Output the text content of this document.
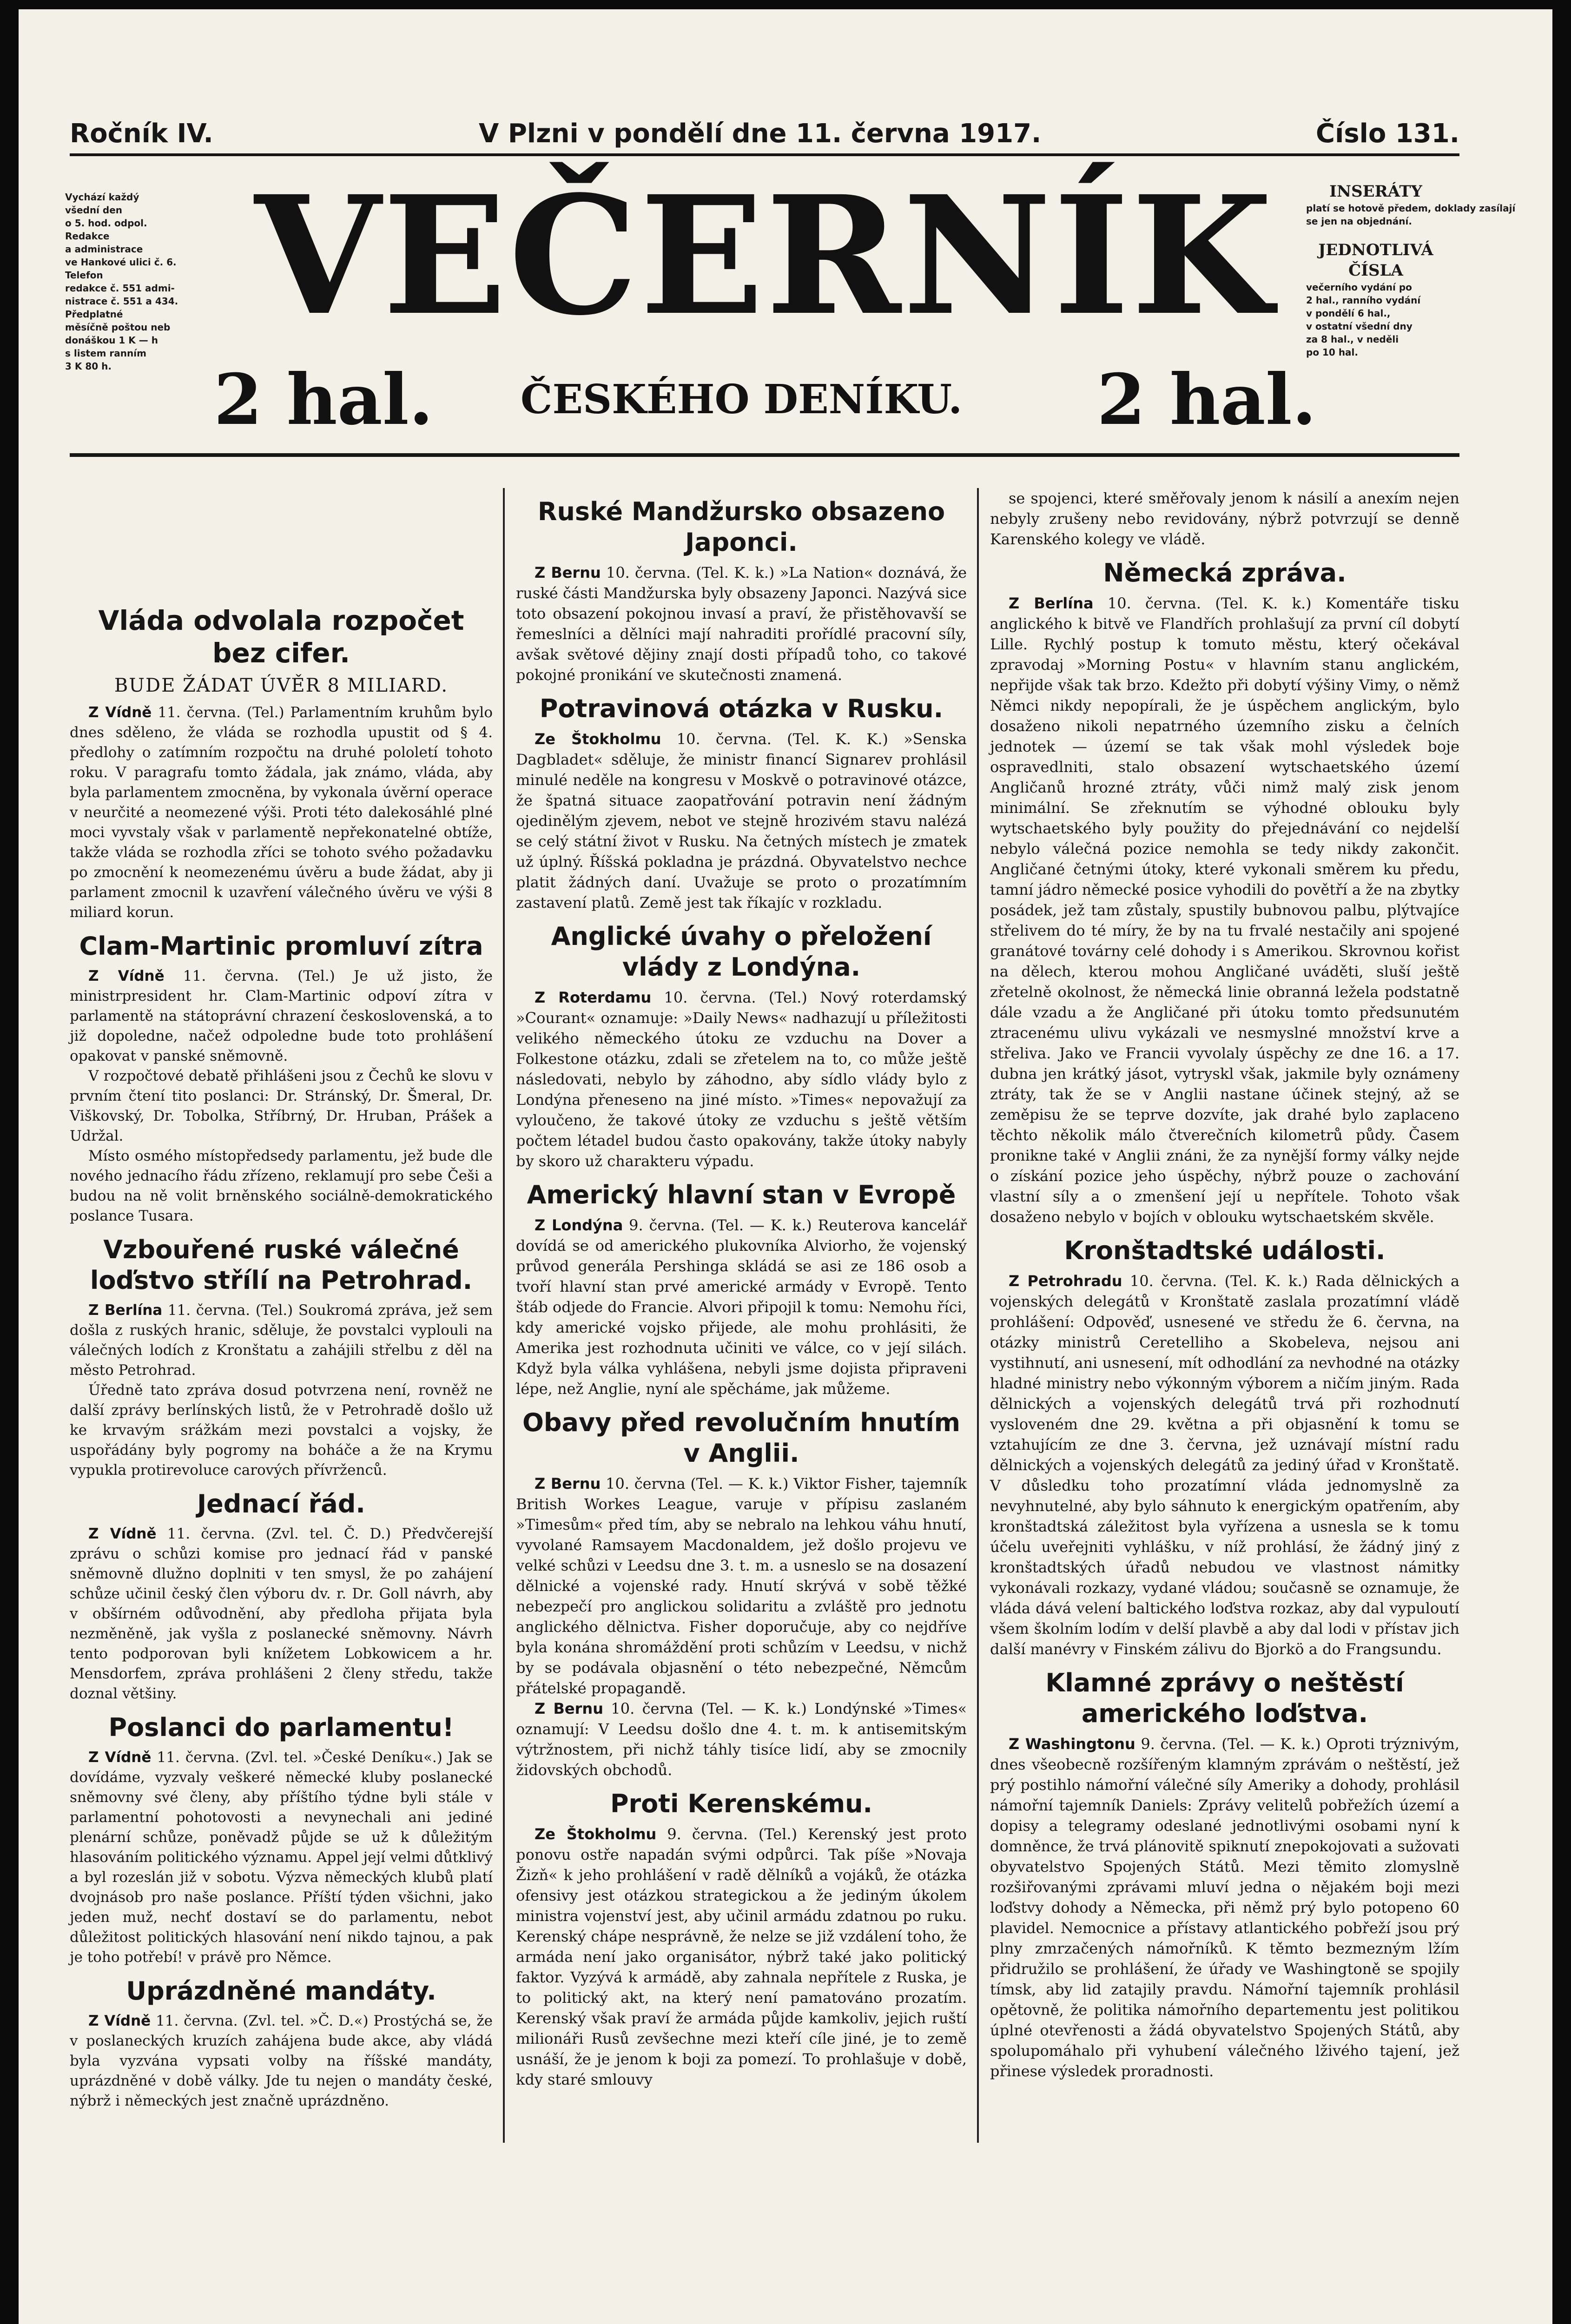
Ročník IV.	V Plzni v pondělí dne 11. června 1917.	Číslo 131.
Vychází každý
všední den
o 5. hod. odpol.
Redakce
a administrace
ve Hankové ulici č. 6.
Telefon
redakce č. 551 admi-
nistrace č. 551 a 434.
Předplatné
měsíčně poštou neb
donáškou 1 K — h
s listem ranním
3 K 80 h.
VEČERNÍK
2 hal. ČESKÉHO DENÍKU. 2 hal.
INSERÁTY
platí se hotově předem, doklady zasílají
se jen na objednání.
JEDNOTLIVÁ ČÍSLA
večerního vydání po
2 hal., ranního vydání
v pondělí 6 hal.,
v ostatní všední dny
za 8 hal., v neděli
po 10 hal.
Vláda odvolala rozpočet bez cifer.
BUDE ŽÁDAT ÚVĚR 8 MILIARD.

Z Vídně 11. června. (Tel.) Parlamentním kruhům bylo dnes sděleno, že vláda se rozhodla upustit od § 4. předlohy o zatímním rozpočtu na druhé pololetí tohoto roku. V paragrafu tomto žádala, jak známo, vláda, aby byla parlamentem zmocněna, by vykonala úvěrní operace v neurčité a neomezené výši. Proti této dalekosáhlé plné moci vyvstaly však v parlamentě nepřekonatelné obtíže, takže vláda se rozhodla zříci se tohoto svého požadavku po zmocnění k neomezenému úvěru a bude žádat, aby ji parlament zmocnil k uzavření válečného úvěru ve výši 8 miliard korun.

Clam-Martinic promluví zítra

Z Vídně 11. června. (Tel.) Je už jisto, že ministrpresident hr. Clam-Martinic odpoví zítra v parlamentě na státoprávní chrazení československá, a to již dopoledne, načež odpoledne bude toto prohlášení opakovat v panské sněmovně.

V rozpočtové debatě přihlášeni jsou z Čechů ke slovu v prvním čtení tito poslanci: Dr. Stránský, Dr. Šmeral, Dr. Viškovský, Dr. Tobolka, Stříbrný, Dr. Hruban, Prášek a Udržal.

Místo osmého místopředsedy parlamentu, jež bude dle nového jednacího řádu zřízeno, reklamují pro sebe Češi a budou na ně volit brněnského sociálně-demokratického poslance Tusara.

Vzbouřené ruské válečné loďstvo střílí na Petrohrad.

Z Berlína 11. června. (Tel.) Soukromá zpráva, jež sem došla z ruských hranic, sděluje, že povstalci vyplouli na válečných lodích z Kronštatu a zahájili střelbu z děl na město Petrohrad.

Úředně tato zpráva dosud potvrzena není, rovněž ne další zprávy berlínských listů, že v Petrohradě došlo už ke krvavým srážkám mezi povstalci a vojsky, že uspořádány byly pogromy na boháče a že na Krymu vypukla protirevoluce carových přívrženců.

Jednací řád.

Z Vídně 11. června. (Zvl. tel. Č. D.) Předvčerejší zprávu o schůzi komise pro jednací řád v panské sněmovně dlužno doplniti v ten smysl, že po zahájení schůze učinil český člen výboru dv. r. Dr. Goll návrh, aby v obšírném odůvodnění, aby předloha přijata byla nezměněně, jak vyšla z poslanecké sněmovny. Návrh tento podporovan byli knížetem Lobkowicem a hr. Mensdorfem, zpráva prohlášeni 2 členy středu, takže doznal většiny.

Poslanci do parlamentu!

Z Vídně 11. června. (Zvl. tel. »České Deníku«.) Jak se dovídáme, vyzvaly veškeré německé kluby poslanecké sněmovny své členy, aby příštího týdne byli stále v parlamentní pohotovosti a nevynechali ani jediné plenární schůze, poněvadž půjde se už k důležitým hlasováním politického významu. Appel její velmi důtklivý a byl rozeslán již v sobotu. Výzva německých klubů platí dvojnásob pro naše poslance. Příští týden všichni, jako jeden muž, nechť dostaví se do parlamentu, nebot důležitost politických hlasování není nikdo tajnou, a pak je toho potřebí! v právě pro Němce.

Uprázdněné mandáty.

Z Vídně 11. června. (Zvl. tel. »Č. D.«) Prostýchá se, že v poslaneckých kruzích zahájena bude akce, aby vládá byla vyzvána vypsati volby na říšské mandáty, uprázdněné v době války. Jde tu nejen o mandáty české, nýbrž i německých jest značně uprázdněno.

Ruské Mandžursko obsazeno Japonci.

Z Bernu 10. června. (Tel. K. k.) »La Nation« doznává, že ruské části Mandžurska byly obsazeny Japonci. Nazývá sice toto obsazení pokojnou invasí a praví, že přistěhovavší se řemeslníci a dělníci mají nahraditi prořídlé pracovní síly, avšak světové dějiny znají dosti případů toho, co takové pokojné pronikání ve skutečnosti znamená.

Potravinová otázka v Rusku.

Ze Štokholmu 10. června. (Tel. K. K.) »Senska Dagbladet« sděluje, že ministr financí Signarev prohlásil minulé neděle na kongresu v Moskvě o potravinové otázce, že špatná situace zaopatřování potravin není žádným ojedinělým zjevem, nebot ve stejně hrozivém stavu nalézá se celý státní život v Rusku. Na četných místech je zmatek už úplný. Říšská pokladna je prázdná. Obyvatelstvo nechce platit žádných daní. Uvažuje se proto o prozatímním zastavení platů. Země jest tak říkajíc v rozkladu.

Anglické úvahy o přeložení vlády z Londýna.

Z Roterdamu 10. června. (Tel.) Nový roterdamský »Courant« oznamuje: »Daily News« nadhazují u příležitosti velikého německého útoku ze vzduchu na Dover a Folkestone otázku, zdali se zřetelem na to, co může ještě následovati, nebylo by záhodno, aby sídlo vlády bylo z Londýna přeneseno na jiné místo. »Times« nepovažují za vyloučeno, že takové útoky ze vzduchu s ještě větším počtem létadel budou často opakovány, takže útoky nabyly by skoro už charakteru výpadu.

Americký hlavní stan v Evropě

Z Londýna 9. června. (Tel. — K. k.) Reuterova kancelář dovídá se od amerického plukovníka Alviorho, že vojenský průvod generála Pershinga skládá se asi ze 186 osob a tvoří hlavní stan prvé americké armády v Evropě. Tento štáb odjede do Francie. Alvori připojil k tomu: Nemohu říci, kdy americké vojsko přijede, ale mohu prohlásiti, že Amerika jest rozhodnuta učiniti ve válce, co v její silách. Když byla válka vyhlášena, nebyli jsme dojista připraveni lépe, než Anglie, nyní ale spěcháme, jak můžeme.

Obavy před revolučním hnutím v Anglii.

Z Bernu 10. června (Tel. — K. k.) Viktor Fisher, tajemník British Workes League, varuje v přípisu zaslaném »Timesům« před tím, aby se nebralo na lehkou váhu hnutí, vyvolané Ramsayem Macdonaldem, jež došlo projevu ve velké schůzi v Leedsu dne 3. t. m. a usneslo se na dosazení dělnické a vojenské rady. Hnutí skrývá v sobě těžké nebezpečí pro anglickou solidaritu a zvláště pro jednotu anglického dělnictva. Fisher doporučuje, aby co nejdříve byla konána shromáždění proti schůzím v Leedsu, v nichž by se podávala objasnění o této nebezpečné, Němcům přátelské propagandě.

Z Bernu 10. června (Tel. — K. k.) Londýnské »Times« oznamují: V Leedsu došlo dne 4. t. m. k antisemitským výtržnostem, při nichž táhly tisíce lidí, aby se zmocnily židovských obchodů.

Proti Kerenskému.

Ze Štokholmu 9. června. (Tel.) Kerenský jest proto ponovu ostře napadán svými odpůrci. Tak píše »Novaja Žizň« k jeho prohlášení v radě dělníků a vojáků, že otázka ofensivy jest otázkou strategickou a že jediným úkolem ministra vojenství jest, aby učinil armádu zdatnou po ruku. Kerenský chápe nesprávně, že nelze se již vzdálení toho, že armáda není jako organisátor, nýbrž také jako politický faktor. Vyzývá k armádě, aby zahnala nepřítele z Ruska, je to politický akt, na který není pamatováno prozatím. Kerenský však praví že armáda půjde kamkoliv, jejich ruští milionáři Rusů zevšechne mezi kteří cíle jiné, je to země usnáší, že je jenom k boji za pomezí. To prohlašuje v době, kdy staré smlouvy

se spojenci, které směřovaly jenom k násilí a anexím nejen nebyly zrušeny nebo revidovány, nýbrž potvrzují se denně Karenského kolegy ve vládě.

Německá zpráva.

Z Berlína 10. června. (Tel. K. k.) Komentáře tisku anglického k bitvě ve Flandřích prohlašují za první cíl dobytí Lille. Rychlý postup k tomuto městu, který očekával zpravodaj »Morning Postu« v hlavním stanu anglickém, nepřijde však tak brzo. Kdežto při dobytí výšiny Vimy, o němž Němci nikdy nepopírali, že je úspěchem anglickým, bylo dosaženo nikoli nepatrného územního zisku a čelních jednotek — území se tak však mohl výsledek boje ospravedlniti, stalo obsazení wytschaetského území Angličanů hrozné ztráty, vůči nimž malý zisk jenom minimální. Se zřeknutím se výhodné oblouku byly wytschaetského byly použity do přejednávání co nejdelší nebylo válečná pozice nemohla se tedy nikdy zakončit. Angličané četnými útoky, které vykonali směrem ku předu, tamní jádro německé posice vyhodili do povětří a že na zbytky posádek, jež tam zůstaly, spustily bubnovou palbu, plýtvajíce střelivem do té míry, že by na tu frvalé nestačily ani spojené granátové továrny celé dohody i s Amerikou. Skrovnou kořist na dělech, kterou mohou Angličané uváděti, sluší ještě zřetelně okolnost, že německá linie obranná ležela podstatně dále vzadu a že Angličané při útoku tomto předsunutém ztracenému ulivu vykázali ve nesmyslné množství krve a střeliva. Jako ve Francii vyvolaly úspěchy ze dne 16. a 17. dubna jen krátký jásot, vytryskl však, jakmile byly oznámeny ztráty, tak že se v Anglii nastane účinek stejný, až se zeměpisu že se teprve dozvíte, jak drahé bylo zaplaceno těchto několik málo čtverečních kilometrů půdy. Časem pronikne také v Anglii znáni, že za nynější formy války nejde o získání pozice jeho úspěchy, nýbrž pouze o zachování vlastní síly a o zmenšení její u nepřítele. Tohoto však dosaženo nebylo v bojích v oblouku wytschaetském skvěle.

Kronštadtské události.

Z Petrohradu 10. června. (Tel. K. k.) Rada dělnických a vojenských delegátů v Kronštatě zaslala prozatímní vládě prohlášení: Odpověď, usnesené ve středu že 6. června, na otázky ministrů Ceretelliho a Skobeleva, nejsou ani vystihnutí, ani usnesení, mít odhodlání za nevhodné na otázky hladné ministry nebo výkonným výborem a ničím jiným. Rada dělnických a vojenských delegátů trvá při rozhodnutí vysloveném dne 29. května a při objasnění k tomu se vztahujícím ze dne 3. června, jež uznávají místní radu dělnických a vojenských delegátů za jediný úřad v Kronštatě. V důsledku toho prozatímní vláda jednomyslně za nevyhnutelné, aby bylo sáhnuto k energickým opatřením, aby kronštadtská záležitost byla vyřízena a usnesla se k tomu účelu uveřejniti vyhlášku, v níž prohlásí, že žádný jiný z kronštadtských úřadů nebudou ve vlastnost námitky vykonávali rozkazy, vydané vládou; současně se oznamuje, že vláda dává velení baltického loďstva rozkaz, aby dal vypuloutí všem školním lodím v delší plavbě a aby dal lodi v přístav jich další manévry v Finském zálivu do Bjorkö a do Frangsundu.

Klamné zprávy o neštěstí amerického loďstva.

Z Washingtonu 9. června. (Tel. — K. k.) Oproti trýznivým, dnes všeobecně rozšířeným klamným zprávám o neštěstí, jež prý postihlo námořní válečné síly Ameriky a dohody, prohlásil námořní tajemník Daniels: Zprávy velitelů pobřežích území a dopisy a telegramy odeslané jednotlivými osobami nyní k domněnce, že trvá plánovitě spiknutí znepokojovati a sužovati obyvatelstvo Spojených Států. Mezi těmito zlomyslně rozšiřovanými zprávami mluví jedna o nějakém boji mezi loďstvy dohody a Německa, při němž prý bylo potopeno 60 plavidel. Nemocnice a přístavy atlantického pobřeží jsou prý plny zmrzačených námořníků. K těmto bezmezným lžím přidružilo se prohlášení, že úřady ve Washingtoně se spojily tímsk, aby lid zatajily pravdu. Námořní tajemník prohlásil opětovně, že politika námořního departementu jest politikou úplné otevřenosti a žádá obyvatelstvo Spojených Států, aby spolupomáhalo při vyhubení válečného lživého tajení, jež přinese výsledek proradnosti.
